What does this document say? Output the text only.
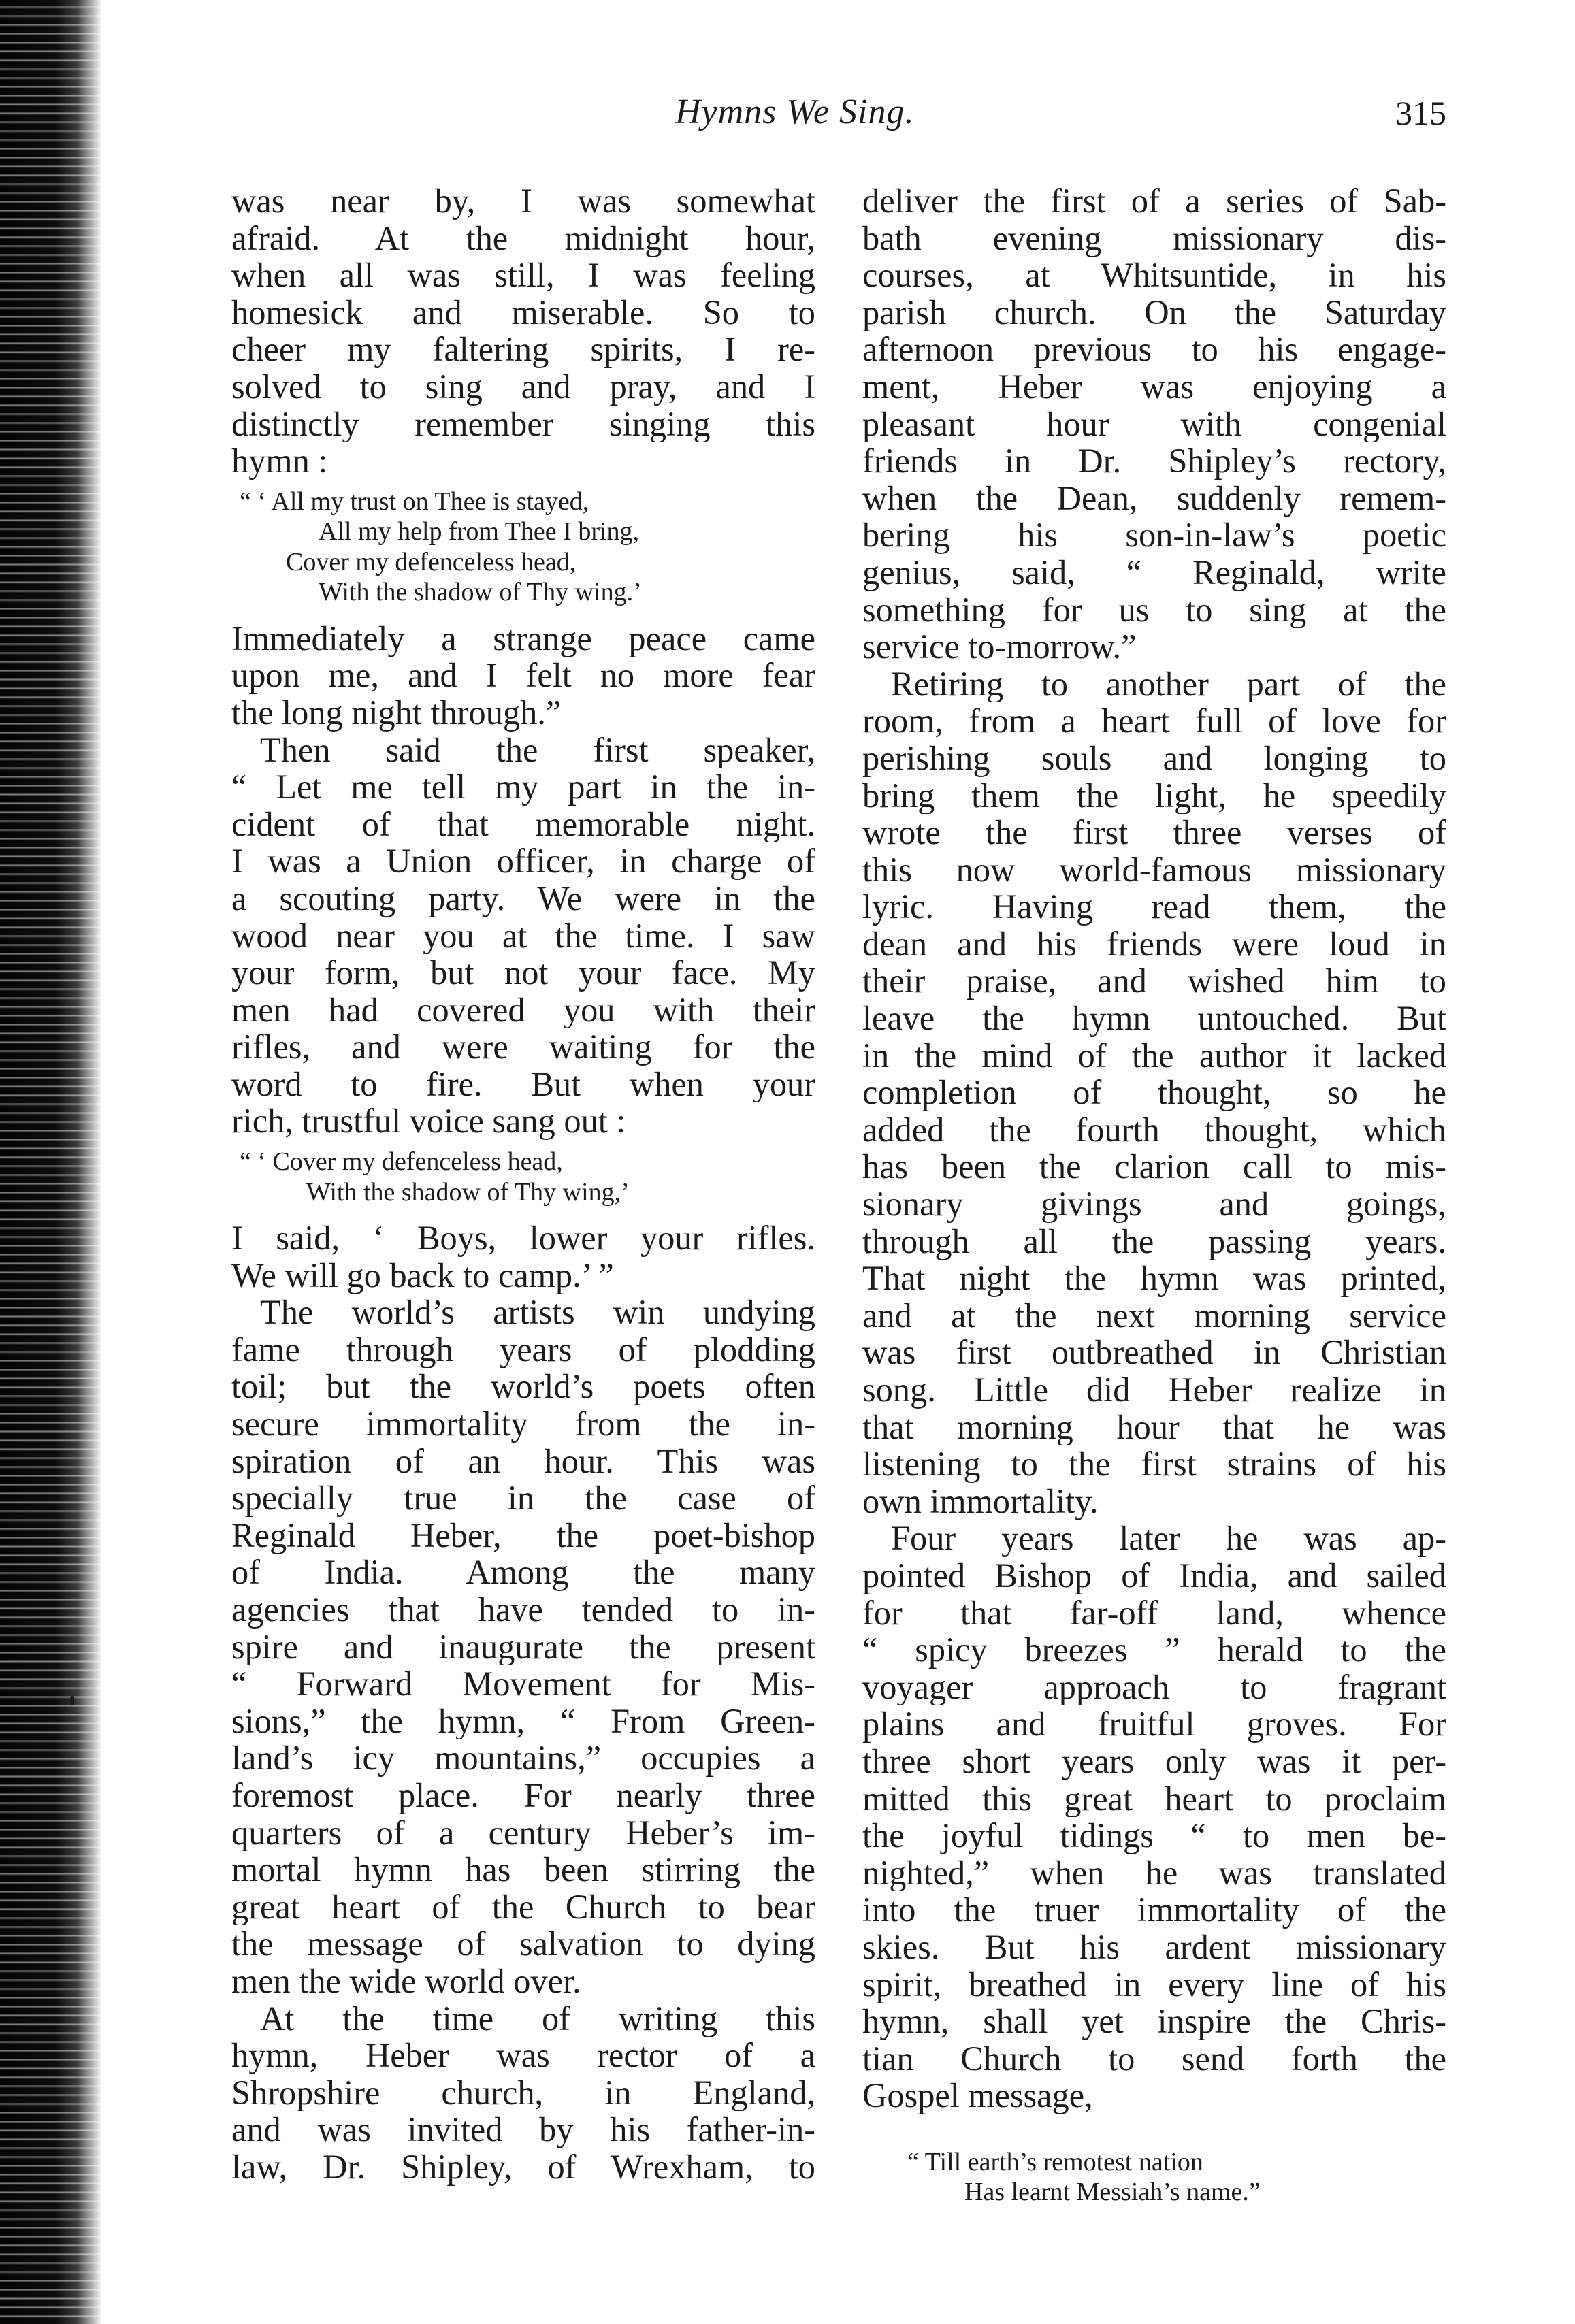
Hymns We Sing.	315
was near by, I was somewhat
afraid. At the midnight hour,
when all was still, I was feeling
homesick and miserable. So to
cheer my faltering spirits, I re-
solved to sing and pray, and I
distinctly remember singing this
hymn :
“ ‘ All my trust on Thee is stayed,
All my help from Thee I bring,
Cover my defenceless head,
With the shadow of Thy wing.’
Immediately a strange peace came
upon me, and I felt no more fear
the long night through.”
Then said the first speaker,
“ Let me tell my part in the in-
cident of that memorable night.
I was a Union officer, in charge of
a scouting party. We were in the
wood near you at the time. I saw
your form, but not your face. My
men had covered you with their
rifles, and were waiting for the
word to fire. But when your
rich, trustful voice sang out :
“ ‘ Cover my defenceless head,
With the shadow of Thy wing,’
I said, ‘ Boys, lower your rifles.
We will go back to camp.’ ”
The world’s artists win undying
fame through years of plodding
toil; but the world’s poets often
secure immortality from the in-
spiration of an hour. This was
specially true in the case of
Reginald Heber, the poet-bishop
of India. Among the many
agencies that have tended to in-
spire and inaugurate the present
“ Forward Movement for Mis-
sions,” the hymn, “ From Green-
land’s icy mountains,” occupies a
foremost place. For nearly three
quarters of a century Heber’s im-
mortal hymn has been stirring the
great heart of the Church to bear
the message of salvation to dying
men the wide world over.
At the time of writing this
hymn, Heber was rector of a
Shropshire church, in England,
and was invited by his father-in-
law, Dr. Shipley, of Wrexham, to
deliver the first of a series of Sab-
bath evening missionary dis-
courses, at Whitsuntide, in his
parish church. On the Saturday
afternoon previous to his engage-
ment, Heber was enjoying a
pleasant hour with congenial
friends in Dr. Shipley’s rectory,
when the Dean, suddenly remem-
bering his son-in-law’s poetic
genius, said, “ Reginald, write
something for us to sing at the
service to-morrow.”
Retiring to another part of the
room, from a heart full of love for
perishing souls and longing to
bring them the light, he speedily
wrote the first three verses of
this now world-famous missionary
lyric. Having read them, the
dean and his friends were loud in
their praise, and wished him to
leave the hymn untouched. But
in the mind of the author it lacked
completion of thought, so he
added the fourth thought, which
has been the clarion call to mis-
sionary givings and goings,
through all the passing years.
That night the hymn was printed,
and at the next morning service
was first outbreathed in Christian
song. Little did Heber realize in
that morning hour that he was
listening to the first strains of his
own immortality.
Four years later he was ap-
pointed Bishop of India, and sailed
for that far-off land, whence
“ spicy breezes ” herald to the
voyager approach to fragrant
plains and fruitful groves. For
three short years only was it per-
mitted this great heart to proclaim
the joyful tidings “ to men be-
nighted,” when he was translated
into the truer immortality of the
skies. But his ardent missionary
spirit, breathed in every line of his
hymn, shall yet inspire the Chris-
tian Church to send forth the
Gospel message,
“ Till earth’s remotest nation
Has learnt Messiah’s name.”
